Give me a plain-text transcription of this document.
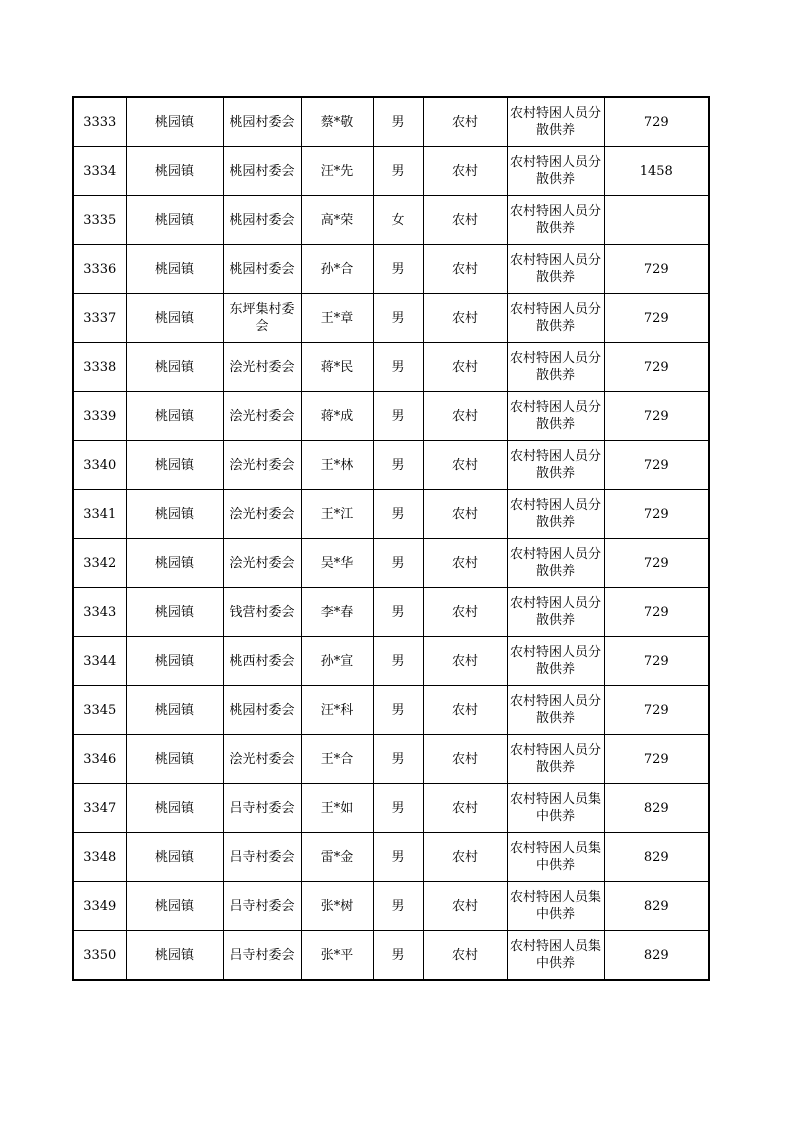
3333	桃园镇	桃园村委会	蔡*敬	男	农村	农村特困人员分散供养	729
3334	桃园镇	桃园村委会	汪*先	男	农村	农村特困人员分散供养	1458
3335	桃园镇	桃园村委会	高*荣	女	农村	农村特困人员分散供养	
3336	桃园镇	桃园村委会	孙*合	男	农村	农村特困人员分散供养	729
3337	桃园镇	东坪集村委会	王*章	男	农村	农村特困人员分散供养	729
3338	桃园镇	浍光村委会	蒋*民	男	农村	农村特困人员分散供养	729
3339	桃园镇	浍光村委会	蒋*成	男	农村	农村特困人员分散供养	729
3340	桃园镇	浍光村委会	王*林	男	农村	农村特困人员分散供养	729
3341	桃园镇	浍光村委会	王*江	男	农村	农村特困人员分散供养	729
3342	桃园镇	浍光村委会	吴*华	男	农村	农村特困人员分散供养	729
3343	桃园镇	钱营村委会	李*春	男	农村	农村特困人员分散供养	729
3344	桃园镇	桃西村委会	孙*宣	男	农村	农村特困人员分散供养	729
3345	桃园镇	桃园村委会	汪*科	男	农村	农村特困人员分散供养	729
3346	桃园镇	浍光村委会	王*合	男	农村	农村特困人员分散供养	729
3347	桃园镇	吕寺村委会	王*如	男	农村	农村特困人员集中供养	829
3348	桃园镇	吕寺村委会	雷*金	男	农村	农村特困人员集中供养	829
3349	桃园镇	吕寺村委会	张*树	男	农村	农村特困人员集中供养	829
3350	桃园镇	吕寺村委会	张*平	男	农村	农村特困人员集中供养	829
